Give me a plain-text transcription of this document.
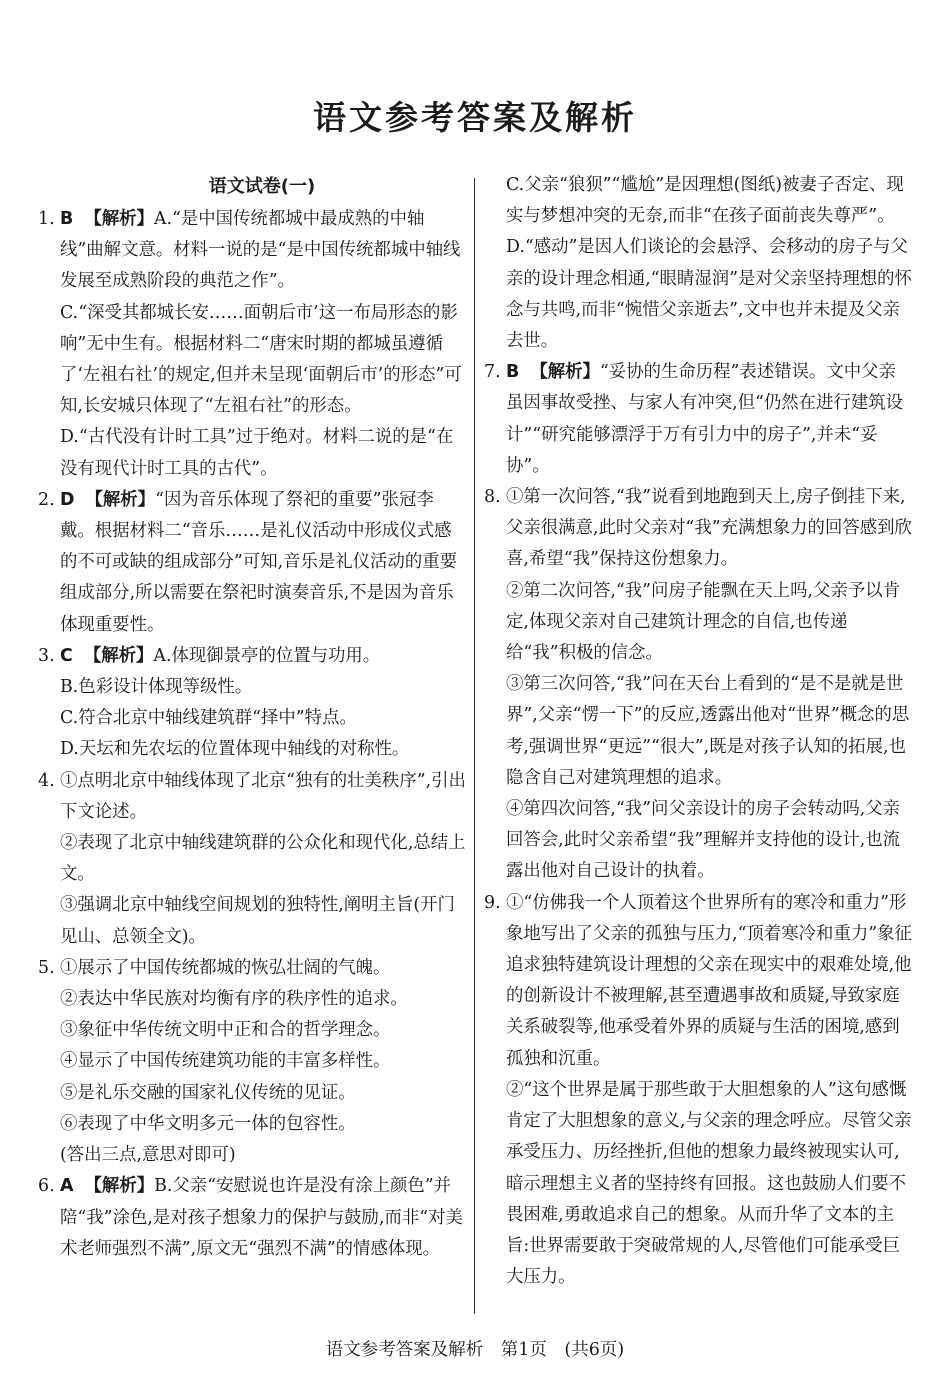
语文参考答案及解析
语文试卷(一)
1. B 【解析】A.“是中国传统都城中最成熟的中轴线”曲解文意。材料一说的是“是中国传统都城中轴线发展至成熟阶段的典范之作”。

C.“深受其都城长安……面朝后市’这一布局形态的影响”无中生有。根据材料二“唐宋时期的都城虽遵循了‘左祖右社’的规定,但并未呈现‘面朝后市’的形态”可知,长安城只体现了“左祖右社”的形态。

D.“古代没有计时工具”过于绝对。材料二说的是“在没有现代计时工具的古代”。

2. D 【解析】“因为音乐体现了祭祀的重要”张冠李戴。根据材料二“音乐……是礼仪活动中形成仪式感的不可或缺的组成部分”可知,音乐是礼仪活动的重要组成部分,所以需要在祭祀时演奏音乐,不是因为音乐体现重要性。

3. C 【解析】A.体现御景亭的位置与功用。

B.色彩设计体现等级性。

C.符合北京中轴线建筑群“择中”特点。

D.天坛和先农坛的位置体现中轴线的对称性。

4. ①点明北京中轴线体现了北京“独有的壮美秩序”,引出下文论述。

②表现了北京中轴线建筑群的公众化和现代化,总结上文。

③强调北京中轴线空间规划的独特性,阐明主旨(开门见山、总领全文)。

5. ①展示了中国传统都城的恢弘壮阔的气魄。

②表达中华民族对均衡有序的秩序性的追求。

③象征中华传统文明中正和合的哲学理念。

④显示了中国传统建筑功能的丰富多样性。

⑤是礼乐交融的国家礼仪传统的见证。

⑥表现了中华文明多元一体的包容性。

(答出三点,意思对即可)

6. A 【解析】B.父亲“安慰说也许是没有涂上颜色”并陪“我”涂色,是对孩子想象力的保护与鼓励,而非“对美术老师强烈不满”,原文无“强烈不满”的情感体现。

C.父亲“狼狈”“尴尬”是因理想(图纸)被妻子否定、现实与梦想冲突的无奈,而非“在孩子面前丧失尊严”。

D.“感动”是因人们谈论的会悬浮、会移动的房子与父亲的设计理念相通,“眼睛湿润”是对父亲坚持理想的怀念与共鸣,而非“惋惜父亲逝去”,文中也并未提及父亲去世。

7. B 【解析】“妥协的生命历程”表述错误。文中父亲虽因事故受挫、与家人有冲突,但“仍然在进行建筑设计”“研究能够漂浮于万有引力中的房子”,并未“妥协”。

8. ①第一次问答,“我”说看到地跑到天上,房子倒挂下来,父亲很满意,此时父亲对“我”充满想象力的回答感到欣喜,希望“我”保持这份想象力。

②第二次问答,“我”问房子能飘在天上吗,父亲予以肯定,体现父亲对自己建筑计理念的自信,也传递给“我”积极的信念。

③第三次问答,“我”问在天台上看到的“是不是就是世界”,父亲“愣一下”的反应,透露出他对“世界”概念的思考,强调世界“更远”“很大”,既是对孩子认知的拓展,也隐含自己对建筑理想的追求。

④第四次问答,“我”问父亲设计的房子会转动吗,父亲回答会,此时父亲希望“我”理解并支持他的设计,也流露出他对自己设计的执着。

9. ①“仿佛我一个人顶着这个世界所有的寒冷和重力”形象地写出了父亲的孤独与压力,“顶着寒冷和重力”象征追求独特建筑设计理想的父亲在现实中的艰难处境,他的创新设计不被理解,甚至遭遇事故和质疑,导致家庭关系破裂等,他承受着外界的质疑与生活的困境,感到孤独和沉重。

②“这个世界是属于那些敢于大胆想象的人”这句感慨肯定了大胆想象的意义,与父亲的理念呼应。尽管父亲承受压力、历经挫折,但他的想象力最终被现实认可,暗示理想主义者的坚持终有回报。这也鼓励人们要不畏困难,勇敢追求自己的想象。从而升华了文本的主旨:世界需要敢于突破常规的人,尽管他们可能承受巨大压力。

语文参考答案及解析　第1页　(共6页)
